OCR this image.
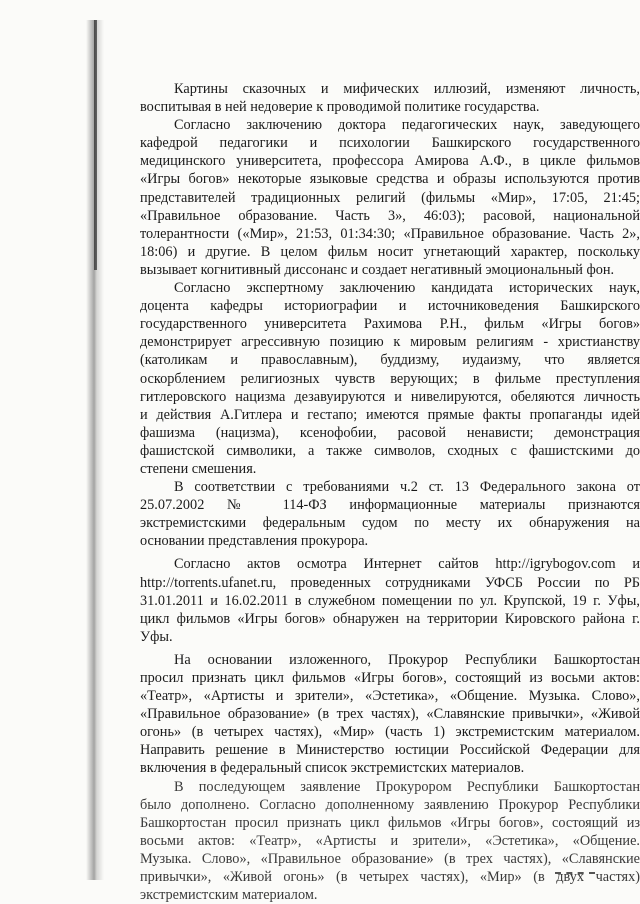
Картины сказочных и мифических иллюзий, изменяют личность,
воспитывая в ней недоверие к проводимой политике государства.
Согласно заключению доктора педагогических наук, заведующего
кафедрой педагогики и психологии Башкирского государственного
медицинского университета, профессора Амирова А.Ф., в цикле фильмов
«Игры богов» некоторые языковые средства и образы используются против
представителей традиционных религий (фильмы «Мир», 17:05, 21:45;
«Правильное образование. Часть 3», 46:03); расовой, национальной
толерантности («Мир», 21:53, 01:34:30; «Правильное образование. Часть 2»,
18:06) и другие. В целом фильм носит угнетающий характер, поскольку
вызывает когнитивный диссонанс и создает негативный эмоциональный фон.
Согласно экспертному заключению кандидата исторических наук,
доцента кафедры историографии и источниковедения Башкирского
государственного университета Рахимова Р.Н., фильм «Игры богов»
демонстрирует агрессивную позицию к мировым религиям - христианству
(католикам и православным), буддизму, иудаизму, что является
оскорблением религиозных чувств верующих; в фильме преступления
гитлеровского нацизма дезавуируются и нивелируются, обеляются личность
и действия А.Гитлера и гестапо; имеются прямые факты пропаганды идей
фашизма (нацизма), ксенофобии, расовой ненависти; демонстрация
фашистской символики, а также символов, сходных с фашистскими до
степени смешения.
В соответствии с требованиями ч.2 ст. 13 Федерального закона от
25.07.2002 № 114-ФЗ информационные материалы признаются
экстремистскими федеральным судом по месту их обнаружения на
основании представления прокурора.
Согласно актов осмотра Интернет сайтов http://igrybogov.com и
http://torrents.ufanet.ru, проведенных сотрудниками УФСБ России по РБ
31.01.2011 и 16.02.2011 в служебном помещении по ул. Крупской, 19 г. Уфы,
цикл фильмов «Игры богов» обнаружен на территории Кировского района г.
Уфы.
На основании изложенного, Прокурор Республики Башкортостан
просил признать цикл фильмов «Игры богов», состоящий из восьми актов:
«Театр», «Артисты и зрители», «Эстетика», «Общение. Музыка. Слово»,
«Правильное образование» (в трех частях), «Славянские привычки», «Живой
огонь» (в четырех частях), «Мир» (часть 1) экстремистским материалом.
Направить решение в Министерство юстиции Российской Федерации для
включения в федеральный список экстремистских материалов.
В последующем заявление Прокурором Республики Башкортостан
было дополнено. Согласно дополненному заявлению Прокурор Республики
Башкортостан просил признать цикл фильмов «Игры богов», состоящий из
восьми актов: «Театр», «Артисты и зрители», «Эстетика», «Общение.
Музыка. Слово», «Правильное образование» (в трех частях), «Славянские
привычки», «Живой огонь» (в четырех частях), «Мир» (в двух частях)
экстремистским материалом.
